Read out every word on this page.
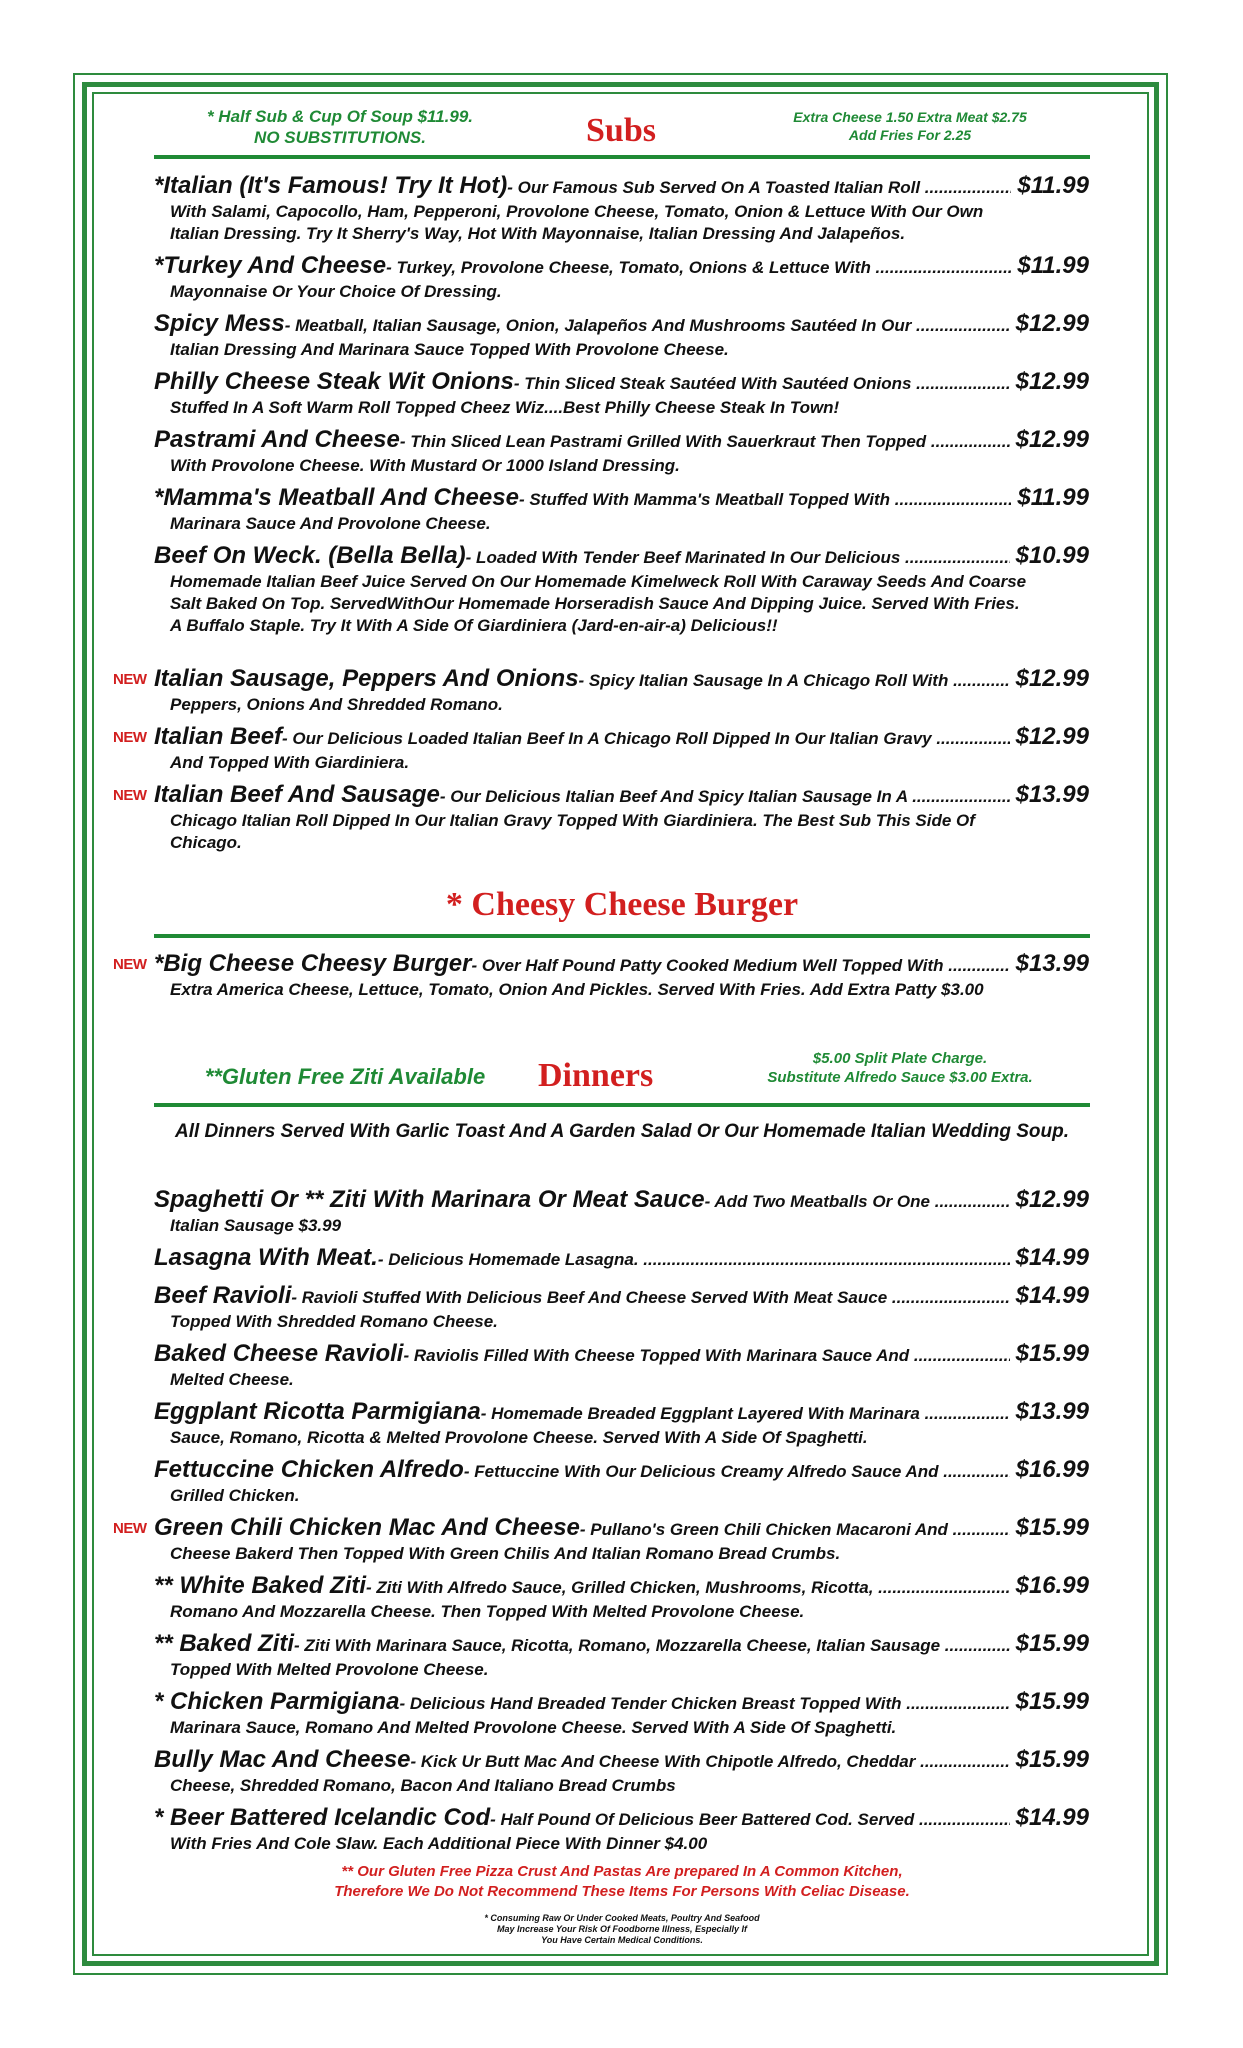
* Half Sub & Cup Of Soup $11.99.
NO SUBSTITUTIONS.	Subs	Extra Cheese 1.50 Extra Meat $2.75
Add Fries For 2.25
*Italian (It's Famous! Try It Hot) - Our Famous Sub Served On A Toasted Italian Roll .....	$11.99
With Salami, Capocollo, Ham, Pepperoni, Provolone Cheese, Tomato, Onion & Lettuce With Our Own Italian Dressing. Try It Sherry's Way, Hot With Mayonnaise, Italian Dressing And Jalapeños.
*Turkey And Cheese - Turkey, Provolone Cheese, Tomato, Onions & Lettuce With .....	$11.99
Mayonnaise Or Your Choice Of Dressing.
Spicy Mess - Meatball, Italian Sausage, Onion, Jalapeños And Mushrooms Sautéed In Our .....	$12.99
Italian Dressing And Marinara Sauce Topped With Provolone Cheese.
Philly Cheese Steak Wit Onions - Thin Sliced Steak Sautéed With Sautéed Onions .....	$12.99
Stuffed In A Soft Warm Roll Topped Cheez Wiz....Best Philly Cheese Steak In Town!
Pastrami And Cheese - Thin Sliced Lean Pastrami Grilled With Sauerkraut Then Topped .....	$12.99
With Provolone Cheese. With Mustard Or 1000 Island Dressing.
*Mamma's Meatball And Cheese - Stuffed With Mamma's Meatball Topped With .....	$11.99
Marinara Sauce And Provolone Cheese.
Beef On Weck. (Bella Bella) - Loaded With Tender Beef Marinated In Our Delicious .....	$10.99
Homemade Italian Beef Juice Served On Our Homemade Kimelweck Roll With Caraway Seeds And Coarse Salt Baked On Top. ServedWithOur Homemade Horseradish Sauce And Dipping Juice. Served With Fries. A Buffalo Staple. Try It With A Side Of Giardiniera (Jard-en-air-a) Delicious!!
Italian Sausage, Peppers And Onions - Spicy Italian Sausage In A Chicago Roll With .....	$12.99
Peppers, Onions And Shredded Romano.
NEW
Italian Beef - Our Delicious Loaded Italian Beef In A Chicago Roll Dipped In Our Italian Gravy .....	$12.99
And Topped With Giardiniera.
NEW
Italian Beef And Sausage - Our Delicious Italian Beef And Spicy Italian Sausage In A .....	$13.99
Chicago Italian Roll Dipped In Our Italian Gravy Topped With Giardiniera. The Best Sub This Side Of Chicago.
NEW
* Cheesy Cheese Burger
*Big Cheese Cheesy Burger - Over Half Pound Patty Cooked Medium Well Topped With .....	$13.99
Extra America Cheese, Lettuce, Tomato, Onion And Pickles. Served With Fries. Add Extra Patty $3.00
NEW
**Gluten Free Ziti Available	Dinners	$5.00 Split Plate Charge.
Substitute Alfredo Sauce $3.00 Extra.
All Dinners Served With Garlic Toast And A Garden Salad Or Our Homemade Italian Wedding Soup.
Spaghetti Or ** Ziti With Marinara Or Meat Sauce - Add Two Meatballs Or One .....	$12.99
Italian Sausage $3.99
Lasagna With Meat. - Delicious Homemade Lasagna. .....	$14.99
Beef Ravioli - Ravioli Stuffed With Delicious Beef And Cheese Served With Meat Sauce .....	$14.99
Topped With Shredded Romano Cheese.
Baked Cheese Ravioli - Raviolis Filled With Cheese Topped With Marinara Sauce And .....	$15.99
Melted Cheese.
Eggplant Ricotta Parmigiana - Homemade Breaded Eggplant Layered With Marinara .....	$13.99
Sauce, Romano, Ricotta & Melted Provolone Cheese. Served With A Side Of Spaghetti.
Fettuccine Chicken Alfredo - Fettuccine With Our Delicious Creamy Alfredo Sauce And .....	$16.99
Grilled Chicken.
Green Chili Chicken Mac And Cheese - Pullano's Green Chili Chicken Macaroni And .....	$15.99
Cheese Bakerd Then Topped With Green Chilis And Italian Romano Bread Crumbs.
NEW
** White Baked Ziti - Ziti With Alfredo Sauce, Grilled Chicken, Mushrooms, Ricotta, .....	$16.99
Romano And Mozzarella Cheese. Then Topped With Melted Provolone Cheese.
** Baked Ziti - Ziti With Marinara Sauce, Ricotta, Romano, Mozzarella Cheese, Italian Sausage .....	$15.99
Topped With Melted Provolone Cheese.
* Chicken Parmigiana - Delicious Hand Breaded Tender Chicken Breast Topped With .....	$15.99
Marinara Sauce, Romano And Melted Provolone Cheese. Served With A Side Of Spaghetti.
Bully Mac And Cheese - Kick Ur Butt Mac And Cheese With Chipotle Alfredo, Cheddar .....	$15.99
Cheese, Shredded Romano, Bacon And Italiano Bread Crumbs
* Beer Battered Icelandic Cod - Half Pound Of Delicious Beer Battered Cod. Served .....	$14.99
With Fries And Cole Slaw. Each Additional Piece With Dinner $4.00
** Our Gluten Free Pizza Crust And Pastas Are prepared In A Common Kitchen,
Therefore We Do Not Recommend These Items For Persons With Celiac Disease.
* Consuming Raw Or Under Cooked Meats, Poultry And Seafood
May Increase Your Risk Of Foodborne Illness, Especially If
You Have Certain Medical Conditions.
